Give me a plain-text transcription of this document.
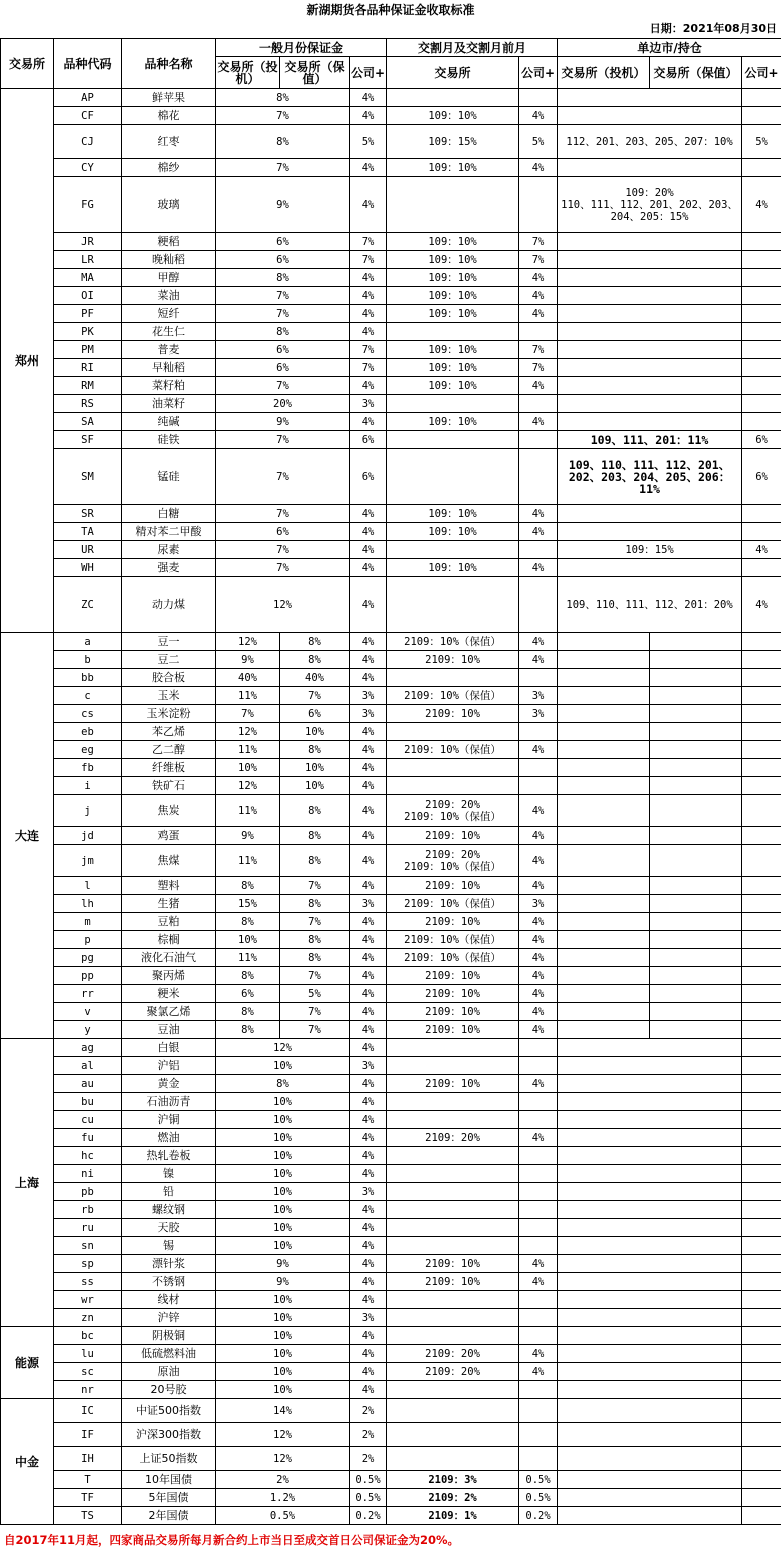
新湖期货各品种保证金收取标准
日期：2021年08月30日
交易所	品种代码	品种名称	一般月份保证金			交割月及交割月前月		单边市/持仓		
			交易所（投机）	交易所（保值）	公司+	交易所	公司+	交易所（投机）	交易所（保值）	公司+
郑州	AP	鲜苹果	8%		4%					
	CF	棉花	7%		4%	109：10%	4%			
	CJ	红枣	8%		5%	109：15%	5%	112、201、203、205、207：10%		5%
	CY	棉纱	7%		4%	109：10%	4%			
	FG	玻璃	9%		4%			109：20%
110、111、112、201、202、203、204、205：15%		4%
	JR	粳稻	6%		7%	109：10%	7%			
	LR	晚籼稻	6%		7%	109：10%	7%			
	MA	甲醇	8%		4%	109：10%	4%			
	OI	菜油	7%		4%	109：10%	4%			
	PF	短纤	7%		4%	109：10%	4%			
	PK	花生仁	8%		4%					
	PM	普麦	6%		7%	109：10%	7%			
	RI	早籼稻	6%		7%	109：10%	7%			
	RM	菜籽粕	7%		4%	109：10%	4%			
	RS	油菜籽	20%		3%					
	SA	纯碱	9%		4%	109：10%	4%			
	SF	硅铁	7%		6%			109、111、201：11%		6%
	SM	锰硅	7%		6%			109、110、111、112、201、202、203、204、205、206：11%		6%
	SR	白糖	7%		4%	109：10%	4%			
	TA	精对苯二甲酸	6%		4%	109：10%	4%			
	UR	尿素	7%		4%			109：15%		4%
	WH	强麦	7%		4%	109：10%	4%			
	ZC	动力煤	12%		4%			109、110、111、112、201：20%		4%
大连	a	豆一	12%	8%	4%	2109：10%（保值）	4%			
	b	豆二	9%	8%	4%	2109：10%	4%			
	bb	胶合板	40%	40%	4%					
	c	玉米	11%	7%	3%	2109：10%（保值）	3%			
	cs	玉米淀粉	7%	6%	3%	2109：10%	3%			
	eb	苯乙烯	12%	10%	4%					
	eg	乙二醇	11%	8%	4%	2109：10%（保值）	4%			
	fb	纤维板	10%	10%	4%					
	i	铁矿石	12%	10%	4%					
	j	焦炭	11%	8%	4%	2109：20%
2109：10%（保值）	4%			
	jd	鸡蛋	9%	8%	4%	2109：10%	4%			
	jm	焦煤	11%	8%	4%	2109：20%
2109：10%（保值）	4%			
	l	塑料	8%	7%	4%	2109：10%	4%			
	lh	生猪	15%	8%	3%	2109：10%（保值）	3%			
	m	豆粕	8%	7%	4%	2109：10%	4%			
	p	棕榈	10%	8%	4%	2109：10%（保值）	4%			
	pg	液化石油气	11%	8%	4%	2109：10%（保值）	4%			
	pp	聚丙烯	8%	7%	4%	2109：10%	4%			
	rr	粳米	6%	5%	4%	2109：10%	4%			
	v	聚氯乙烯	8%	7%	4%	2109：10%	4%			
	y	豆油	8%	7%	4%	2109：10%	4%			
上海	ag	白银	12%		4%					
	al	沪铝	10%		3%					
	au	黄金	8%		4%	2109：10%	4%			
	bu	石油沥青	10%		4%					
	cu	沪铜	10%		4%					
	fu	燃油	10%		4%	2109：20%	4%			
	hc	热轧卷板	10%		4%					
	ni	镍	10%		4%					
	pb	铅	10%		3%					
	rb	螺纹钢	10%		4%					
	ru	天胶	10%		4%					
	sn	锡	10%		4%					
	sp	漂针浆	9%		4%	2109：10%	4%			
	ss	不锈钢	9%		4%	2109：10%	4%			
	wr	线材	10%		4%					
	zn	沪锌	10%		3%					
能源	bc	阴极铜	10%		4%					
	lu	低硫燃料油	10%		4%	2109：20%	4%			
	sc	原油	10%		4%	2109：20%	4%			
	nr	20号胶	10%		4%					
中金	IC	中证500指数	14%		2%					
	IF	沪深300指数	12%		2%					
	IH	上证50指数	12%		2%					
	T	10年国债	2%		0.5%	2109：3%	0.5%			
	TF	5年国债	1.2%		0.5%	2109：2%	0.5%			
	TS	2年国债	0.5%		0.2%	2109：1%	0.2%			
自2017年11月起，四家商品交易所每月新合约上市当日至成交首日公司保证金为20%。
